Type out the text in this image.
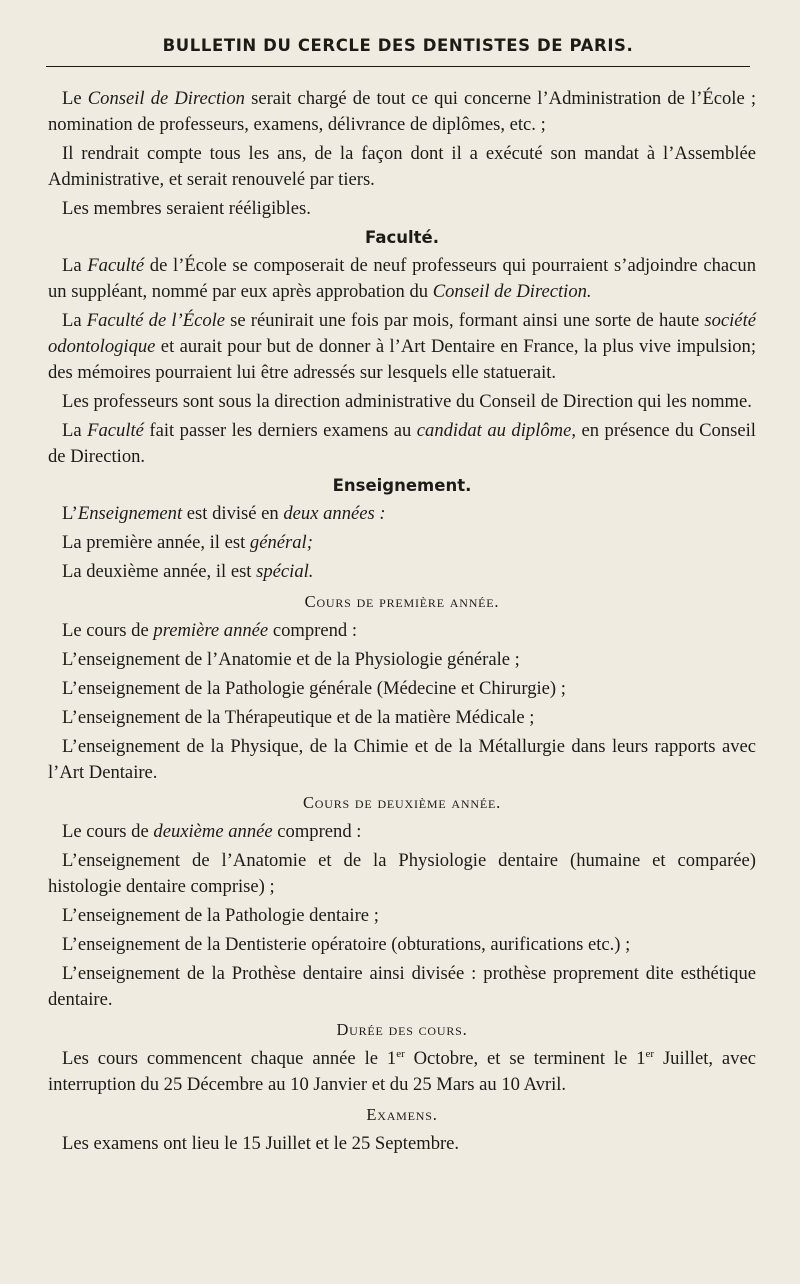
BULLETIN DU CERCLE DES DENTISTES DE PARIS.

Le Conseil de Direction serait chargé de tout ce qui concerne l’Administration de l’École ; nomination de professeurs, examens, délivrance de diplômes, etc. ;

Il rendrait compte tous les ans, de la façon dont il a exécuté son mandat à l’Assemblée Administrative, et serait renouvelé par tiers.

Les membres seraient rééligibles.

Faculté.

La Faculté de l’École se composerait de neuf professeurs qui pourraient s’adjoindre chacun un suppléant, nommé par eux après approbation du Conseil de Direction.

La Faculté de l’École se réunirait une fois par mois, formant ainsi une sorte de haute société odontologique et aurait pour but de donner à l’Art Dentaire en France, la plus vive impulsion; des mémoires pourraient lui être adressés sur lesquels elle statuerait.

Les professeurs sont sous la direction administrative du Conseil de Direction qui les nomme.

La Faculté fait passer les derniers examens au candidat au diplôme, en présence du Conseil de Direction.

Enseignement.

L’Enseignement est divisé en deux années :

La première année, il est général;

La deuxième année, il est spécial.

Cours de première année.

Le cours de première année comprend :

L’enseignement de l’Anatomie et de la Physiologie générale ;

L’enseignement de la Pathologie générale (Médecine et Chirurgie) ;

L’enseignement de la Thérapeutique et de la matière Médicale ;

L’enseignement de la Physique, de la Chimie et de la Métallurgie dans leurs rapports avec l’Art Dentaire.

Cours de deuxième année.

Le cours de deuxième année comprend :

L’enseignement de l’Anatomie et de la Physiologie dentaire (humaine et comparée) histologie dentaire comprise) ;

L’enseignement de la Pathologie dentaire ;

L’enseignement de la Dentisterie opératoire (obturations, aurifications etc.) ;

L’enseignement de la Prothèse dentaire ainsi divisée : prothèse proprement dite esthétique dentaire.

Durée des cours.

Les cours commencent chaque année le 1er Octobre, et se terminent le 1er Juillet, avec interruption du 25 Décembre au 10 Janvier et du 25 Mars au 10 Avril.

Examens.

Les examens ont lieu le 15 Juillet et le 25 Septembre.
